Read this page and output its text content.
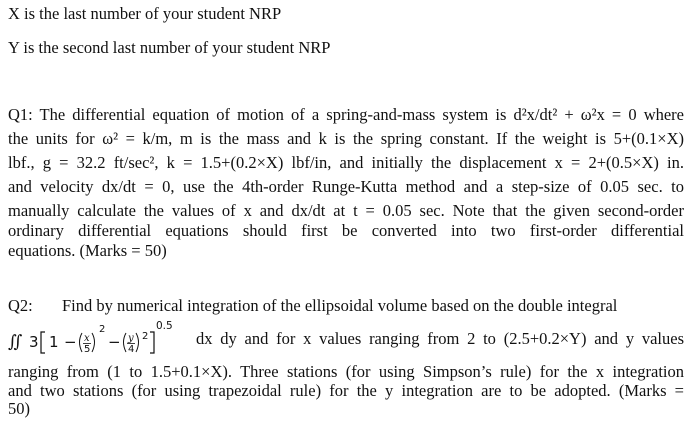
X is the last number of your student NRP
Y is the second last number of your student NRP
Q1: The differential equation of motion of a spring-and-mass system is d²x/dt² + ω²x = 0 where
the units for ω² = k/m, m is the mass and k is the spring constant. If the weight is 5+(0.1×X)
lbf., g = 32.2 ft/sec², k = 1.5+(0.2×X) lbf/in, and initially the displacement x = 2+(0.5×X) in.
and velocity dx/dt = 0, use the 4th-order Runge-Kutta method and a step-size of 0.05 sec. to
manually calculate the values of x and dx/dt at t = 0.05 sec. Note that the given second-order
ordinary differential equations should first be converted into two first-order differential
equations. (Marks = 50)
Q2: Find by numerical integration of the ellipsoidal volume based on the double integral
∬ 3 1 − x
5
2
− y
4
2
0.5
dx dy and for x values ranging from 2 to (2.5+0.2×Y) and y values
ranging from (1 to 1.5+0.1×X). Three stations (for using Simpson’s rule) for the x integration
and two stations (for using trapezoidal rule) for the y integration are to be adopted. (Marks =
50)
